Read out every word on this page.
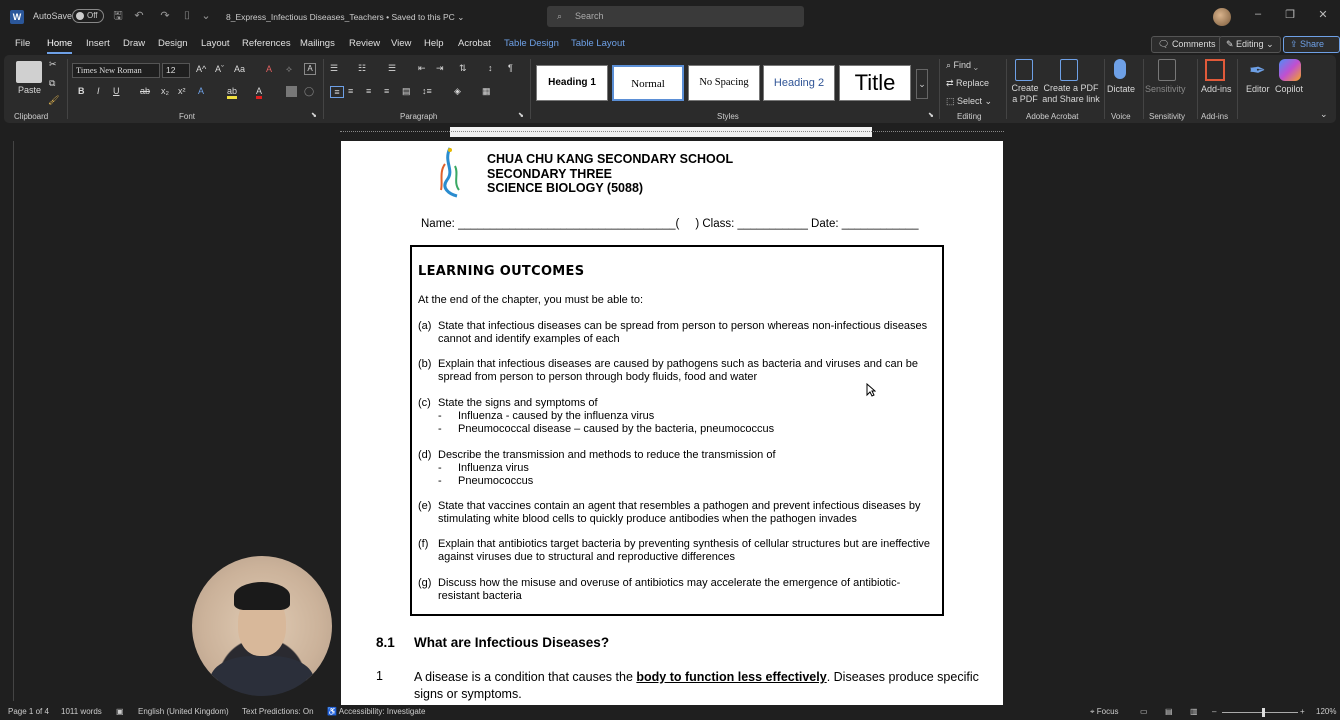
W	AutoSave	Off	🖫 ↶ ↷	⌷	⌄ 8_Express_Infectious Diseases_Teachers • Saved to this PC ⌄	⌕ Search	–	❐	✕
File Home Insert Draw Design Layout References Mailings Review View Help Acrobat Table Design Table Layout	🗨 Comments	✎ Editing ⌄	⇪ Share
Paste
✂
⧉
🖌
Clipboard
Times New Roman	12	A^ Aˇ Aa A ⟡	A
B I U ab x₂ x² A	ab A	◯
Font	⬊
☰ ☷ ☰ ⇤ ⇥ ⇅ ↕ ¶
≡ ≡ ≡ ≡ ▤ ↕≡ ◈ ▦
Paragraph	⬊
Heading 1	Normal	No Spacing	Heading 2	Title	⌄
Styles	⬊
⌕ Find ⌄
⇄ Replace
⬚ Select ⌄
Editing
Create a PDF
Create a PDF and Share link
Adobe Acrobat
Dictate
Voice
Sensitivity
Sensitivity
Add-ins
Add-ins
✒
Editor Copilot
⌄
CHUA CHU KANG SECONDARY SCHOOL
SECONDARY THREE
SCIENCE BIOLOGY (5088)
Name: __________________________________(     ) Class: ___________ Date: ____________
LEARNING OUTCOMES
At the end of the chapter, you must be able to:
(a) State that infectious diseases can be spread from person to person whereas non-infectious diseases cannot and identify examples of each
(b) Explain that infectious diseases are caused by pathogens such as bacteria and viruses and can be spread from person to person through body fluids, food and water
(c) State the signs and symptoms of
- Influenza - caused by the influenza virus
- Pneumococcal disease – caused by the bacteria, pneumococcus
(d) Describe the transmission and methods to reduce the transmission of
- Influenza virus
- Pneumococcus
(e) State that vaccines contain an agent that resembles a pathogen and prevent infectious diseases by stimulating white blood cells to quickly produce antibodies when the pathogen invades
(f) Explain that antibiotics target bacteria by preventing synthesis of cellular structures but are ineffective against viruses due to structural and reproductive differences
(g) Discuss how the misuse and overuse of antibiotics may accelerate the emergence of antibiotic-resistant bacteria
8.1 What are Infectious Diseases?
1 A disease is a condition that causes the body to function less effectively. Diseases produce specific signs or symptoms.
Page 1 of 4 1011 words ▣ English (United Kingdom) Text Predictions: On ♿ Accessibility: Investigate	⌖ Focus	▭ ▤ ▥ –	+ 120%
